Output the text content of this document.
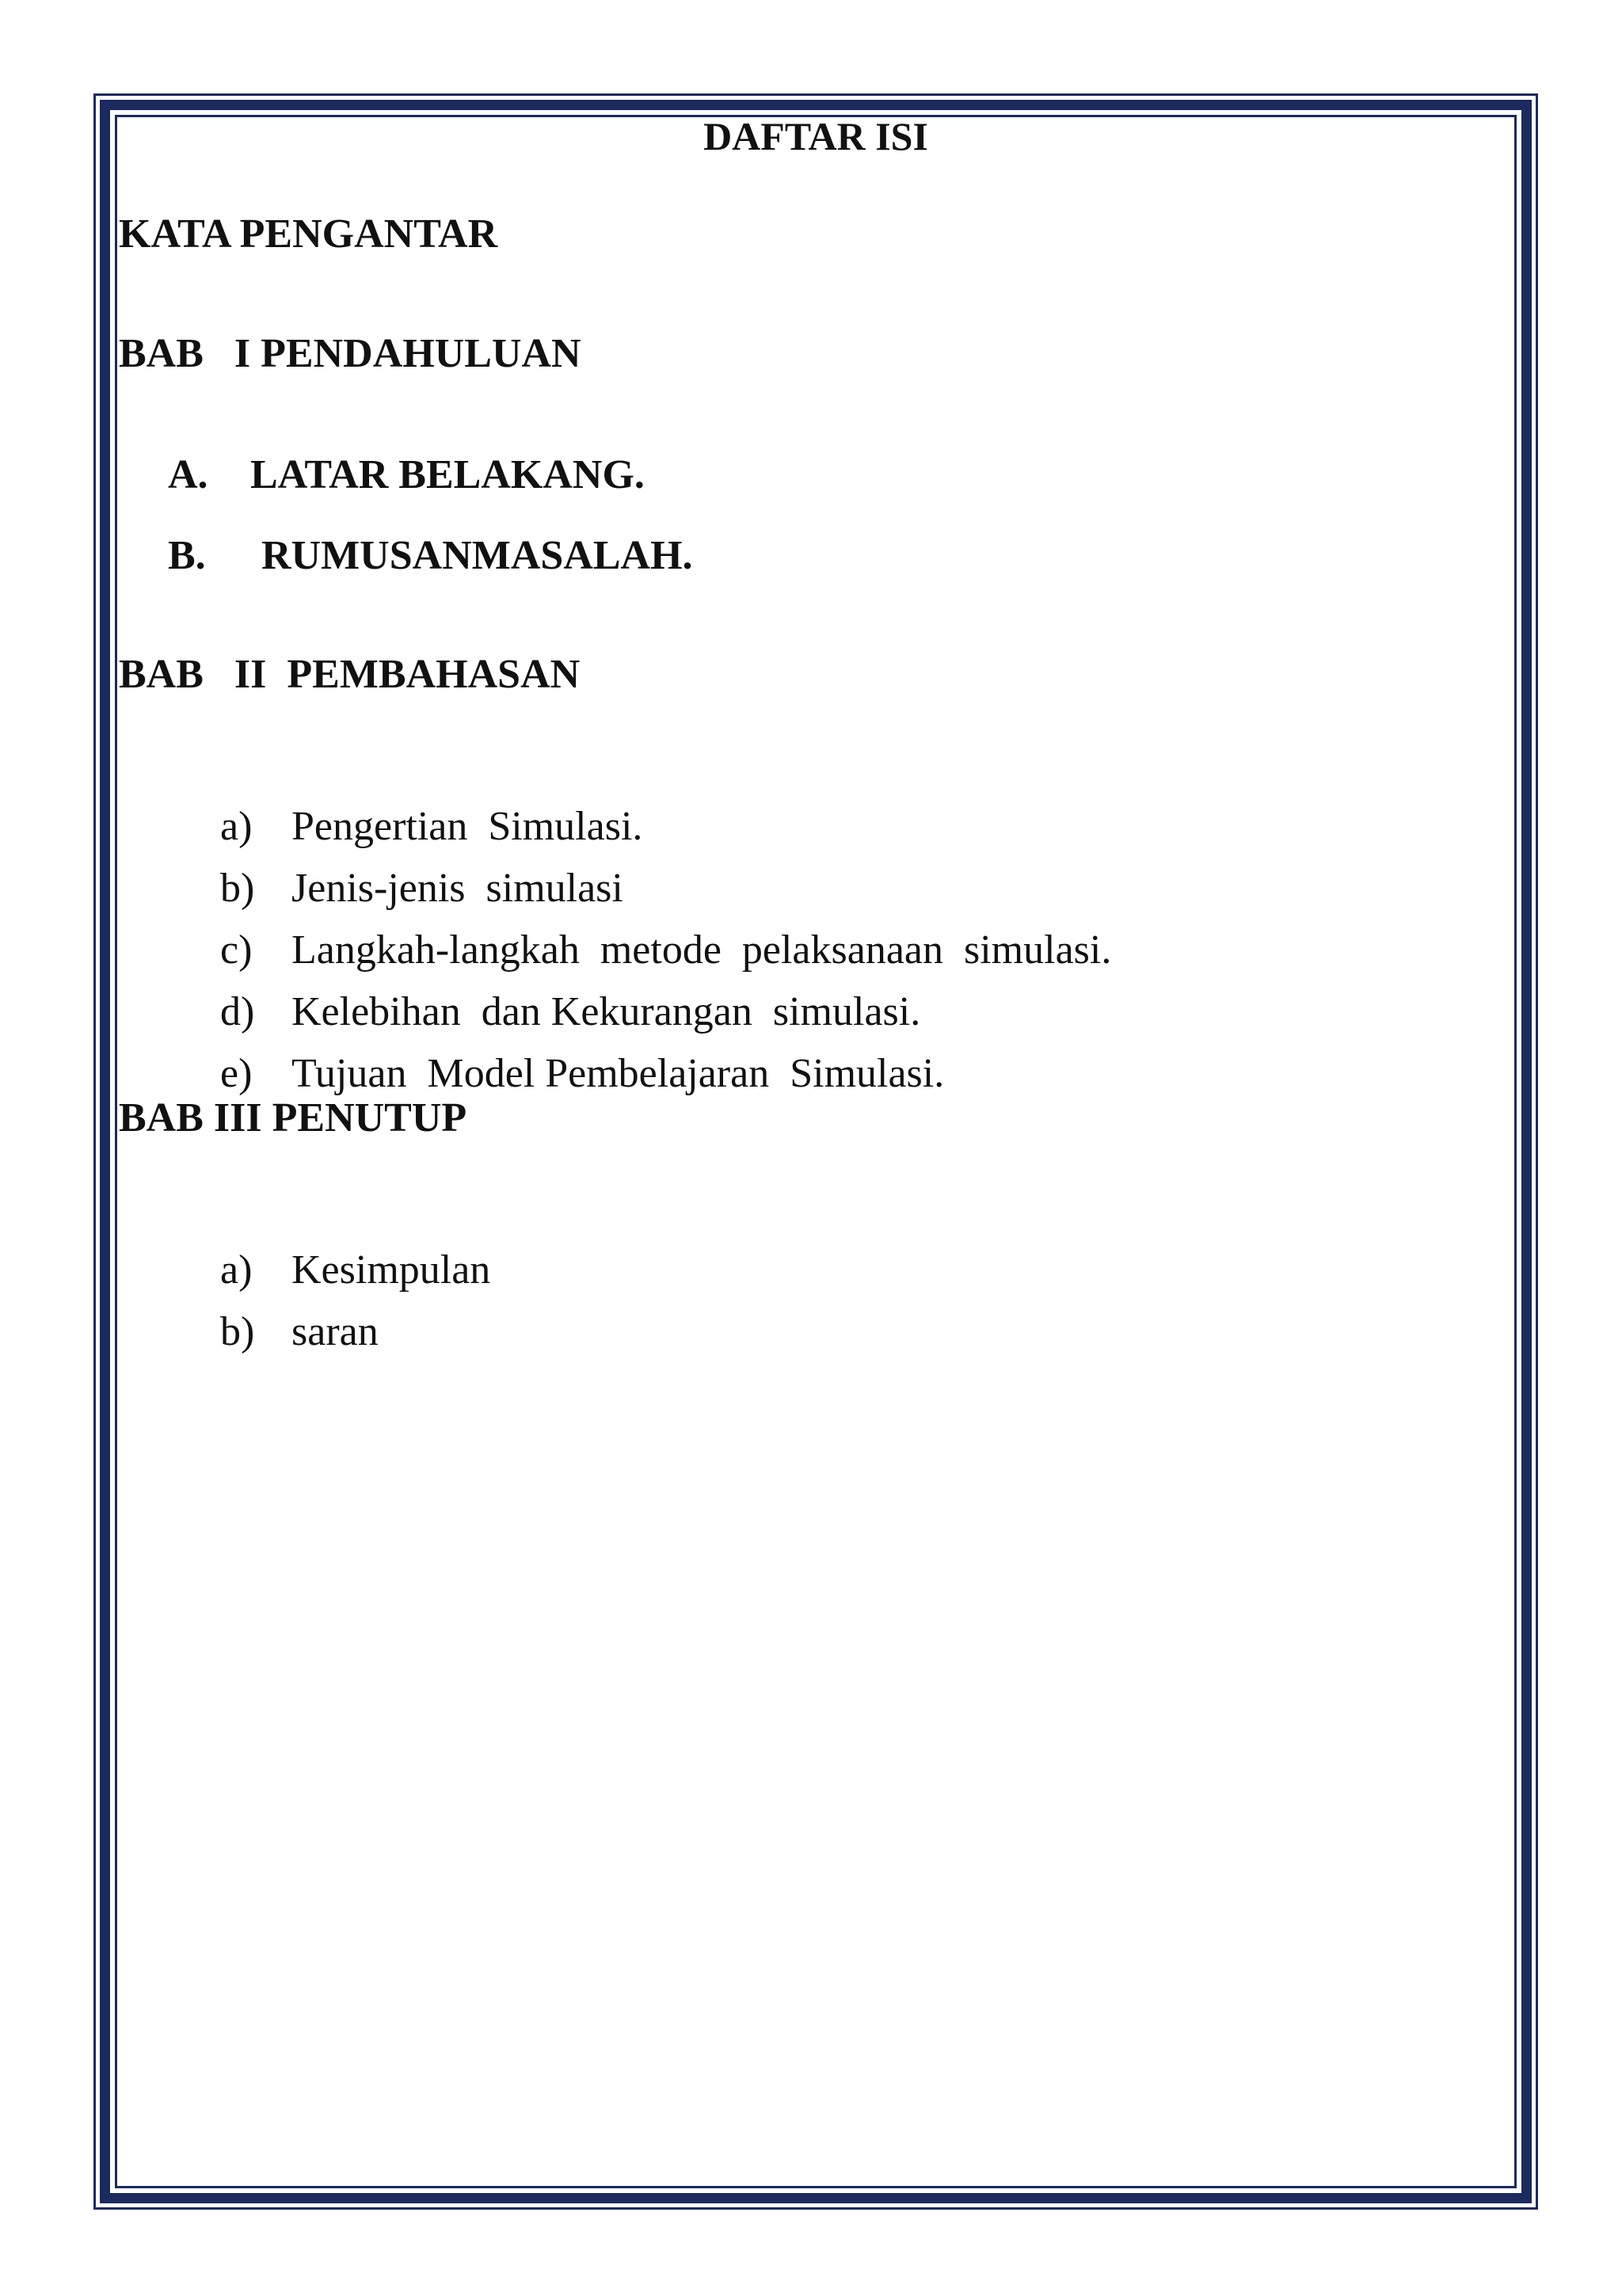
DAFTAR ISI
KATA PENGANTAR
BAB   I PENDAHULUAN
A. LATAR BELAKANG.
B. RUMUSANMASALAH.
BAB   II  PEMBAHASAN

a) Pengertian  Simulasi.

b) Jenis-jenis  simulasi

c) Langkah-langkah  metode  pelaksanaan  simulasi.

d) Kelebihan  dan Kekurangan  simulasi.

e) Tujuan  Model Pembelajaran  Simulasi.

BAB III PENUTUP

a) Kesimpulan

b) saran
